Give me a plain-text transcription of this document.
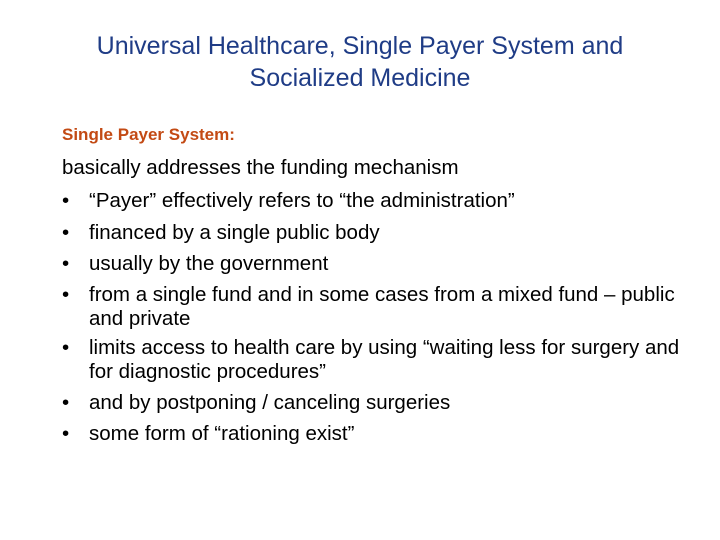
Universal Healthcare, Single Payer System and
Socialized Medicine

Single Payer System:

basically addresses the funding mechanism

• “Payer” effectively refers to “the administration”
• financed by a single public body
• usually by the government
• from a single fund and in some cases from a mixed fund – public and private
• limits access to health care by using “waiting less for surgery and for diagnostic procedures”
• and by postponing / canceling surgeries
• some form of “rationing exist”
